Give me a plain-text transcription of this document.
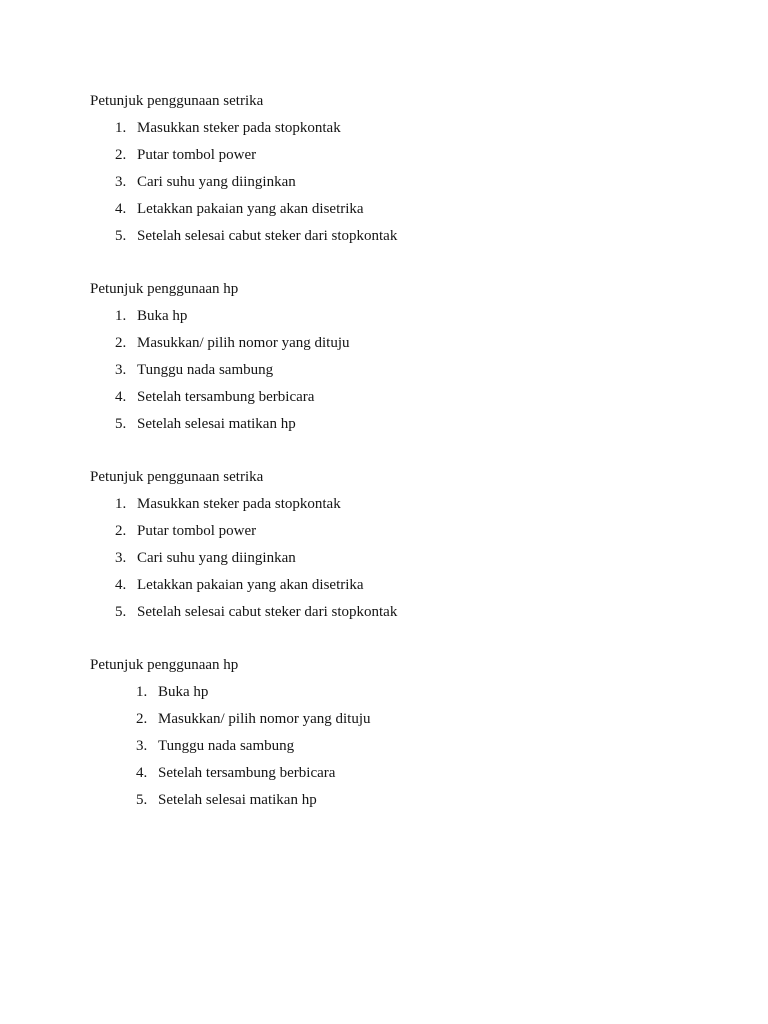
Petunjuk penggunaan setrika
1. Masukkan steker pada stopkontak
2. Putar tombol power
3. Cari suhu yang diinginkan
4. Letakkan pakaian yang akan disetrika
5. Setelah selesai cabut steker dari stopkontak
Petunjuk penggunaan hp
1. Buka hp
2. Masukkan/ pilih nomor yang dituju
3. Tunggu nada sambung
4. Setelah tersambung berbicara
5. Setelah selesai matikan hp
Petunjuk penggunaan setrika
1. Masukkan steker pada stopkontak
2. Putar tombol power
3. Cari suhu yang diinginkan
4. Letakkan pakaian yang akan disetrika
5. Setelah selesai cabut steker dari stopkontak
Petunjuk penggunaan hp
1. Buka hp
2. Masukkan/ pilih nomor yang dituju
3. Tunggu nada sambung
4. Setelah tersambung berbicara
5. Setelah selesai matikan hp
